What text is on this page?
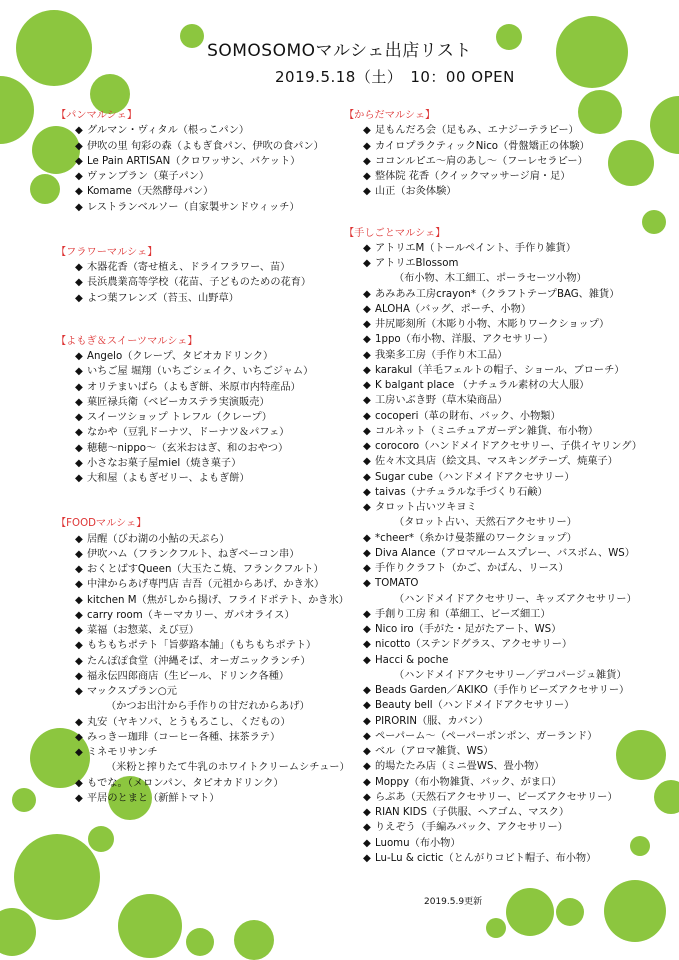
SOMOSOMOマルシェ出店リスト
2019.5.18（土）　10：00 OPEN
【パンマルシェ】
◆ グルマン・ヴィタル（根っこパン）
◆ 伊吹の里 旬彩の森（よもぎ食パン、伊吹の食パン）
◆ Le Pain ARTISAN（クロワッサン、バケット）
◆ ヴァンブラン（菓子パン）
◆ Komame（天然酵母パン）
◆ レストランベルソー（自家製サンドウィッチ）
【フラワーマルシェ】
◆ 木器花香（寄せ植え、ドライフラワー、苗）
◆ 長浜農業高等学校（花苗、子どものための花育）
◆ よつ葉フレンズ（苔玉、山野草）
【よもぎ＆スイーツマルシェ】
◆ Angelo（クレープ、タピオカドリンク）
◆ いちご屋 堀翔（いちごシェイク、いちごジャム）
◆ オリテまいばら（よもぎ餅、米原市内特産品）
◆ 菓匠禄兵衛（ベビーカステラ実演販売）
◆ スイーツショップ トレフル（クレープ）
◆ なかや（豆乳ドーナツ、ドーナツ＆パフェ）
◆ 穂穂〜nippo〜（玄米おはぎ、和のおやつ）
◆ 小さなお菓子屋miel（焼き菓子）
◆ 大和屋（よもぎゼリー、よもぎ餅）
【FOODマルシェ】
◆ 居醒（びわ湖の小鮎の天ぷら）
◆ 伊吹ハム（フランクフルト、ねぎベーコン串）
◆ おくとばすQueen（大玉たこ焼、フランクフルト）
◆ 中津からあげ専門店 吉吾（元祖からあげ、かき氷）
◆ kitchen M（焦がしから揚げ、フライドポテト、かき氷）
◆ carry room（キーマカリー、ガパオライス）
◆ 菜福（お惣菜、えび豆）
◆ もちもちポテト「旨夢路本舗」（もちもちポテト）
◆ たんぽぽ食堂（沖縄そば、オーガニックランチ）
◆ 福永伝四郎商店（生ビール、ドリンク各種）
◆ マックスプラン○元
（かつお出汁から手作りの甘だれからあげ）
◆ 丸安（ヤキソバ、とうもろこし、くだもの）
◆ みっきー珈琲（コーヒー各種、抹茶ラテ）
◆ ミネモリサンチ
（米粉と搾りたて牛乳のホワイトクリームシチュー）
◆ もでな。（メロンパン、タピオカドリンク）
◆ 平居のとまと（新鮮トマト）
【からだマルシェ】
◆ 足もんだろ会（足もみ、エナジーテラピー）
◆ カイロプラクティックNico（骨盤矯正の体験）
◆ ココンルピエ〜肩のあし〜（フーレセラピー）
◆ 整体院 花香（クイックマッサージ肩・足）
◆ 山正（お灸体験）
【手しごとマルシェ】
◆ アトリエM（トールペイント、手作り雑貨）
◆ アトリエBlossom
（布小物、木工細工、ポーラセーツ小物）
◆ あみあみ工房crayon*（クラフトテープBAG、雑貨）
◆ ALOHA（バッグ、ポーチ、小物）
◆ 井尻彫刻所（木彫り小物、木彫りワークショップ）
◆ 1ppo（布小物、洋服、アクセサリー）
◆ 我楽多工房（手作り木工品）
◆ karakul（羊毛フェルトの帽子、ショール、ブローチ）
◆ K balgant place （ナチュラル素材の大人服）
◆ 工房いぶき野（草木染商品）
◆ cocoperi（革の財布、バック、小物類）
◆ コルネット（ミニチュアガーデン雑貨、布小物）
◆ corocoro（ハンドメイドアクセサリー、子供イヤリング）
◆ 佐々木文具店（絵文具、マスキングテープ、焼菓子）
◆ Sugar cube（ハンドメイドアクセサリー）
◆ taivas（ナチュラルな手づくり石鹸）
◆ タロット占いツキヨミ
（タロット占い、天然石アクセサリー）
◆ *cheer*（糸かけ曼荼羅のワークショップ）
◆ Diva Alance（アロマルームスプレー、バスボム、WS）
◆ 手作りクラフト（かご、かばん、リース）
◆ TOMATO
（ハンドメイドアクセサリー、キッズアクセサリー）
◆ 手創り工房 和（革細工、ビーズ細工）
◆ Nico iro（手がた・足がたアート、WS）
◆ nicotto（ステンドグラス、アクセサリー）
◆ Hacci & poche
（ハンドメイドアクセサリー／デコパージュ雑貨）
◆ Beads Garden／AKIKO（手作りビーズアクセサリー）
◆ Beauty bell（ハンドメイドアクセサリー）
◆ PIRORIN（服、カバン）
◆ ペーパーム〜（ペーパーポンポン、ガーランド）
◆ ベル（アロマ雑貨、WS）
◆ 的場たたみ店（ミニ畳WS、畳小物）
◆ Moppy（布小物雑貨、バック、がま口）
◆ らぶあ（天然石アクセサリー、ビーズアクセサリー）
◆ RIAN KIDS（子供服、ヘアゴム、マスク）
◆ りえぞう（手編みバック、アクセサリー）
◆ Luomu（布小物）
◆ Lu-Lu & cictic（とんがりコビト帽子、布小物）
2019.5.9更新
